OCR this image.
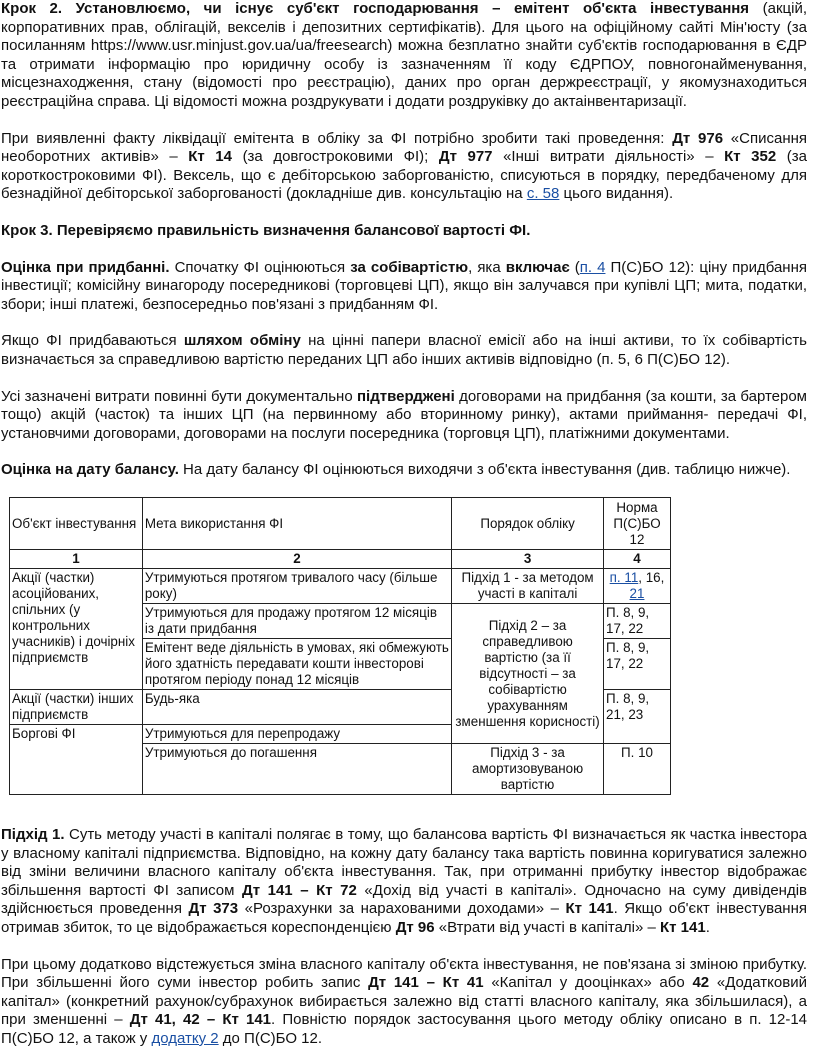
Крок 2. Установлюємо, чи існує суб'єкт господарювання – емітент об'єкта інвестування (акцій, корпоративних прав, облігацій, векселів і депозитних сертифікатів). Для цього на офіційному сайті Мін'юсту (за посиланням https://www.usr.minjust.gov.ua/ua/freesearch) можна безплатно знайти суб'єктів господарювання в ЄДР та отримати інформацію про юридичну особу із зазначенням її коду ЄДРПОУ, повногонайменування, місцезнаходження, стану (відомості про реєстрацію), даних про орган держреєстрації, у якомузнаходиться реєстраційна справа. Ці відомості можна роздрукувати і додати роздруківку до актаінвентаризації.

При виявленні факту ліквідації емітента в обліку за ФІ потрібно зробити такі проведення: Дт 976 «Списання необоротних активів» – Кт 14 (за довгостроковими ФІ); Дт 977 «Інші витрати діяльності» – Кт 352 (за короткостроковими ФІ). Вексель, що є дебіторською заборгованістю, списуються в порядку, передбаченому для безнадійної дебіторської заборгованості (докладніше див. консультацію на с. 58 цього видання).

Крок 3. Перевіряємо правильність визначення балансової вартості ФІ.

Оцінка при придбанні. Спочатку ФІ оцінюються за собівартістю, яка включає (п. 4 П(С)БО 12): ціну придбання інвестиції; комісійну винагороду посередникові (торговцеві ЦП), якщо він залучався при купівлі ЦП; мита, податки, збори; інші платежі, безпосередньо пов'язані з придбанням ФІ.

Якщо ФІ придбаваються шляхом обміну на цінні папери власної емісії або на інші активи, то їх собівартість визначається за справедливою вартістю переданих ЦП або інших активів відповідно (п. 5, 6 П(С)БО 12).

Усі зазначені витрати повинні бути документально підтверджені договорами на придбання (за кошти, за бартером тощо) акцій (часток) та інших ЦП (на первинному або вторинному ринку), актами приймання- передачі ФІ, установчими договорами, договорами на послуги посередника (торговця ЦП), платіжними документами.

Оцінка на дату балансу. На дату балансу ФІ оцінюються виходячи з об'єкта інвестування (див. таблицю нижче).

Об'єкт інвестування	Мета використання ФІ	Порядок обліку	Норма П(С)БО 12
1	2	3	4
Акції (частки) асоційованих, спільних (у контрольних учасників) і дочірніх підприємств	Утримуються протягом тривалого часу (більше року)	Підхід 1 - за методом участі в капіталі	п. 11, 16, 21
	Утримуються для продажу протягом 12 місяців із дати придбання	Підхід 2 – за справедливою вартістю (за її відсутності – за собівартістю урахуванням зменшення корисності)	П. 8, 9, 17, 22
	Емітент веде діяльність в умовах, які обмежують його здатність передавати кошти інвесторові протягом періоду понад 12 місяців		П. 8, 9, 17, 22
Акції (частки) інших підприємств	Будь-яка		П. 8, 9, 21, 23
Боргові ФІ	Утримуються для перепродажу		
	Утримуються до погашення	Підхід 3 - за амортизовуваною вартістю	П. 10

Підхід 1. Суть методу участі в капіталі полягає в тому, що балансова вартість ФІ визначається як частка інвестора у власному капіталі підприємства. Відповідно, на кожну дату балансу така вартість повинна коригуватися залежно від зміни величини власного капіталу об'єкта інвестування. Так, при отриманні прибутку інвестор відображає збільшення вартості ФІ записом Дт 141 – Кт 72 «Дохід від участі в капіталі». Одночасно на суму дивідендів здійснюється проведення Дт 373 «Розрахунки за нарахованими доходами» – Кт 141. Якщо об'єкт інвестування отримав збиток, то це відображається кореспонденцією Дт 96 «Втрати від участі в капіталі» – Кт 141.

При цьому додатково відстежується зміна власного капіталу об'єкта інвестування, не пов'язана зі зміною прибутку. При збільшенні його суми інвестор робить запис Дт 141 – Кт 41 «Капітал у дооцінках» або 42 «Додатковий капітал» (конкретний рахунок/субрахунок вибирається залежно від статті власного капіталу, яка збільшилася), а при зменшенні – Дт 41, 42 – Кт 141. Повністю порядок застосування цього методу обліку описано в п. 12-14 П(С)БО 12, а також у додатку 2 до П(С)БО 12.
